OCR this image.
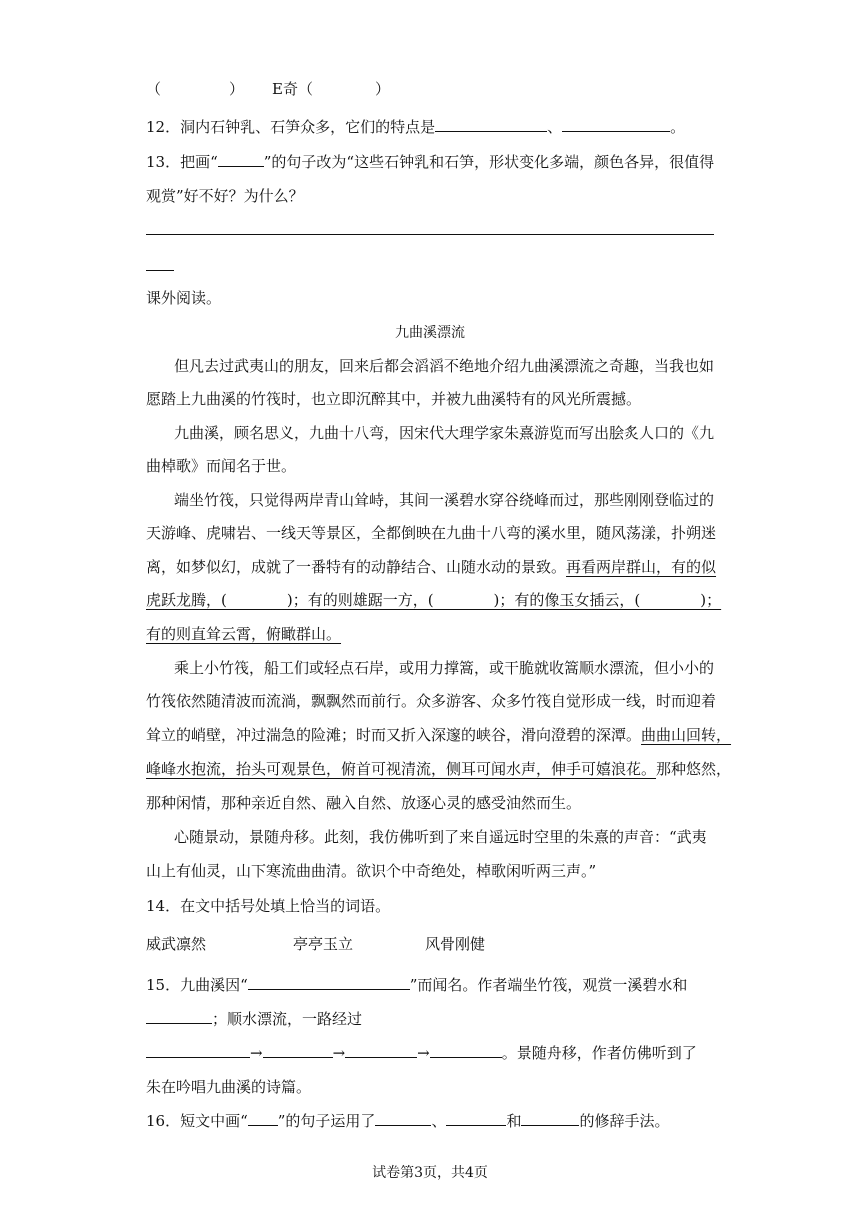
（	） E奇（	）
12．洞内石钟乳、石笋众多，它们的特点是	、	。
13．把画“	”的句子改为“这些石钟乳和石笋，形状变化多端，颜色各异，很值得
观赏”好不好？为什么？
课外阅读。
九曲溪漂流
但凡去过武夷山的朋友，回来后都会滔滔不绝地介绍九曲溪漂流之奇趣，当我也如
愿踏上九曲溪的竹筏时，也立即沉醉其中，并被九曲溪特有的风光所震撼。
九曲溪，顾名思义，九曲十八弯，因宋代大理学家朱熹游览而写出脍炙人口的《九
曲棹歌》而闻名于世。
端坐竹筏，只觉得两岸青山耸峙，其间一溪碧水穿谷绕峰而过，那些刚刚登临过的
天游峰、虎啸岩、一线天等景区，全都倒映在九曲十八弯的溪水里，随风荡漾，扑朔迷
离，如梦似幻，成就了一番特有的动静结合、山随水动的景致。再看两岸群山，有的似
虎跃龙腾，(　　　　)；有的则雄踞一方，(　　　　)；有的像玉女插云，(　　　　)；
有的则直耸云霄，俯瞰群山。
乘上小竹筏，船工们或轻点石岸，或用力撑篙，或干脆就收篙顺水漂流，但小小的
竹筏依然随清波而流淌，飘飘然而前行。众多游客、众多竹筏自觉形成一线，时而迎着
耸立的峭壁，冲过湍急的险滩；时而又折入深邃的峡谷，滑向澄碧的深潭。曲曲山回转，
峰峰水抱流，抬头可观景色，俯首可视清流，侧耳可闻水声，伸手可嬉浪花。那种悠然，
那种闲情，那种亲近自然、融入自然、放逐心灵的感受油然而生。
心随景动，景随舟移。此刻，我仿佛听到了来自遥远时空里的朱熹的声音：“武夷
山上有仙灵，山下寒流曲曲清。欲识个中奇绝处，棹歌闲听两三声。”
14．在文中括号处填上恰当的词语。
威武凛然	亭亭玉立	风骨刚健
15．九曲溪因“	”而闻名。作者端坐竹筏，观赏一溪碧水和
；顺水漂流，一路经过
→	→	→	。景随舟移，作者仿佛听到了
朱在吟唱九曲溪的诗篇。
16．短文中画“ ”的句子运用了	、	和	的修辞手法。
试卷第3页，共4页
